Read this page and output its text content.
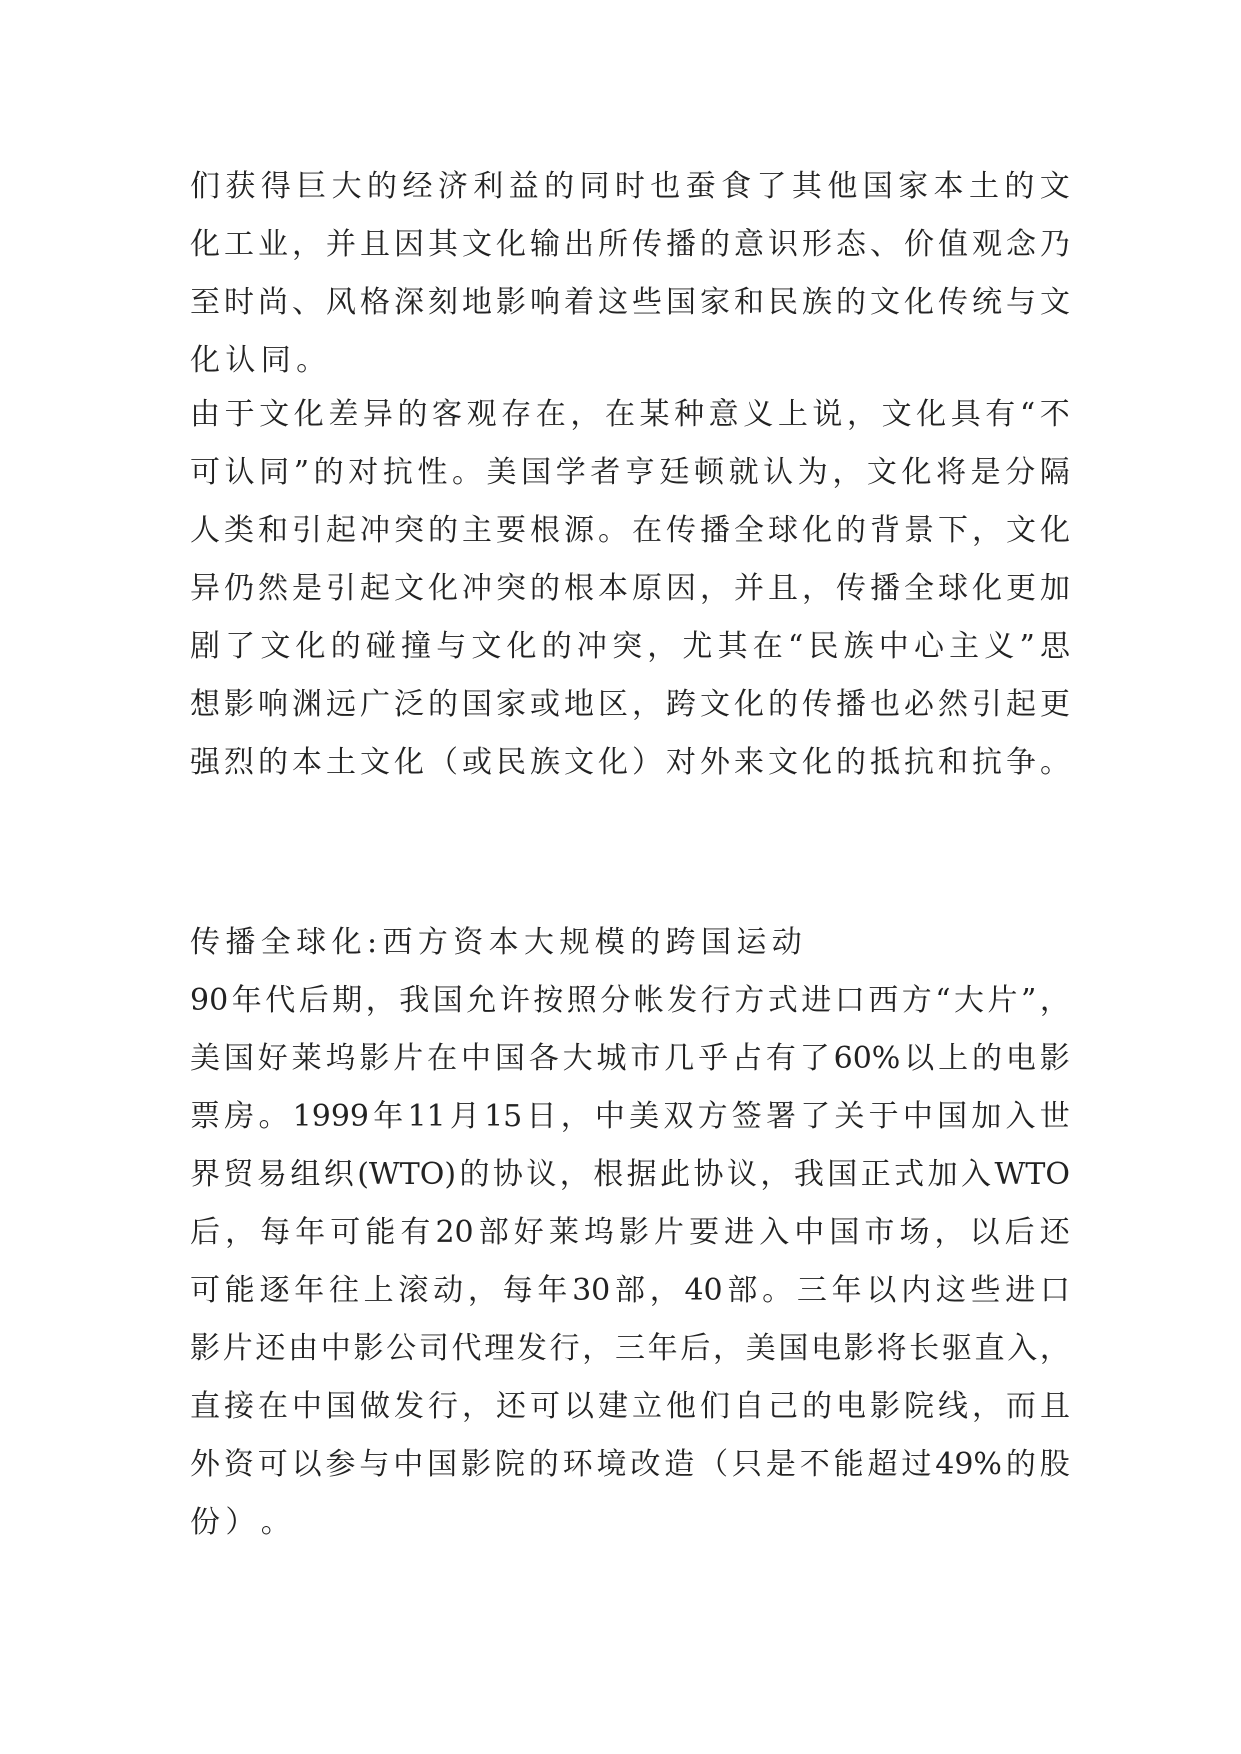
们 获 得 巨 大 的 经 济 利 益 的 同 时 也 蚕 食 了 其 他 国 家 本 土 的 文
化 工 业 ， 并 且 因 其 文 化 输 出 所 传 播 的 意 识 形 态 、 价 值 观 念 乃
至 时 尚 、 风 格 深 刻 地 影 响 着 这 些 国 家 和 民 族 的 文 化 传 统 与 文
化 认 同 。
由 于 文 化 差 异 的 客 观 存 在 ， 在 某 种 意 义 上 说 ， 文 化 具 有 “ 不
可 认 同 ” 的 对 抗 性 。 美 国 学 者 亨 廷 顿 就 认 为 ， 文 化 将 是 分 隔
人 类 和 引 起 冲 突 的 主 要 根 源 。 在 传 播 全 球 化 的 背 景 下 ， 文 化
异 仍 然 是 引 起 文 化 冲 突 的 根 本 原 因 ， 并 且 ， 传 播 全 球 化 更 加
剧 了 文 化 的 碰 撞 与 文 化 的 冲 突 ， 尤 其 在 “ 民 族 中 心 主 义 ” 思
想 影 响 渊 远 广 泛 的 国 家 或 地 区 ， 跨 文 化 的 传 播 也 必 然 引 起 更
强 烈 的 本 土 文 化 （ 或 民 族 文 化 ） 对 外 来 文 化 的 抵 抗 和 抗 争 。
传 播 全 球 化 : 西 方 资 本 大 规 模 的 跨 国 运 动
90 年 代 后 期 ， 我 国 允 许 按 照 分 帐 发 行 方 式 进 口 西 方 “ 大 片 ” ，
美 国 好 莱 坞 影 片 在 中 国 各 大 城 市 几 乎 占 有 了 60% 以 上 的 电 影
票 房 。 1999 年 11 月 15 日 ， 中 美 双 方 签 署 了 关 于 中 国 加 入 世
界 贸 易 组 织 (WTO) 的 协 议 ， 根 据 此 协 议 ， 我 国 正 式 加 入 WTO
后 ， 每 年 可 能 有 20 部 好 莱 坞 影 片 要 进 入 中 国 市 场 ， 以 后 还
可 能 逐 年 往 上 滚 动 ， 每 年 30 部 ， 40 部 。 三 年 以 内 这 些 进 口
影 片 还 由 中 影 公 司 代 理 发 行 ， 三 年 后 ， 美 国 电 影 将 长 驱 直 入 ，
直 接 在 中 国 做 发 行 ， 还 可 以 建 立 他 们 自 己 的 电 影 院 线 ， 而 且
外 资 可 以 参 与 中 国 影 院 的 环 境 改 造 （ 只 是 不 能 超 过 49% 的 股
份 ） 。
